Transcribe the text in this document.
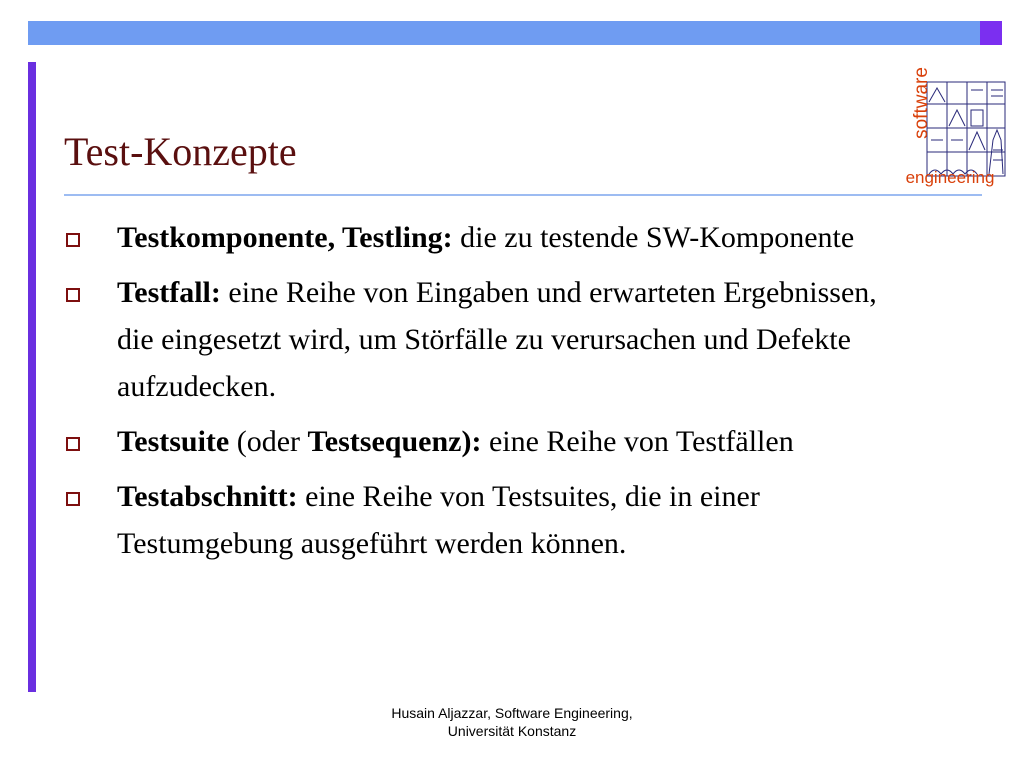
Test-Konzepte
software
engineering
Testkomponente, Testling: die zu testende SW-Komponente
Testfall: eine Reihe von Eingaben und erwarteten Ergebnissen, die eingesetzt wird, um Störfälle zu verursachen und Defekte aufzudecken.
Testsuite (oder Testsequenz): eine Reihe von Testfällen
Testabschnitt: eine Reihe von Testsuites, die in einer Testumgebung ausgeführt werden können.
Husain Aljazzar, Software Engineering,
Universität Konstanz
